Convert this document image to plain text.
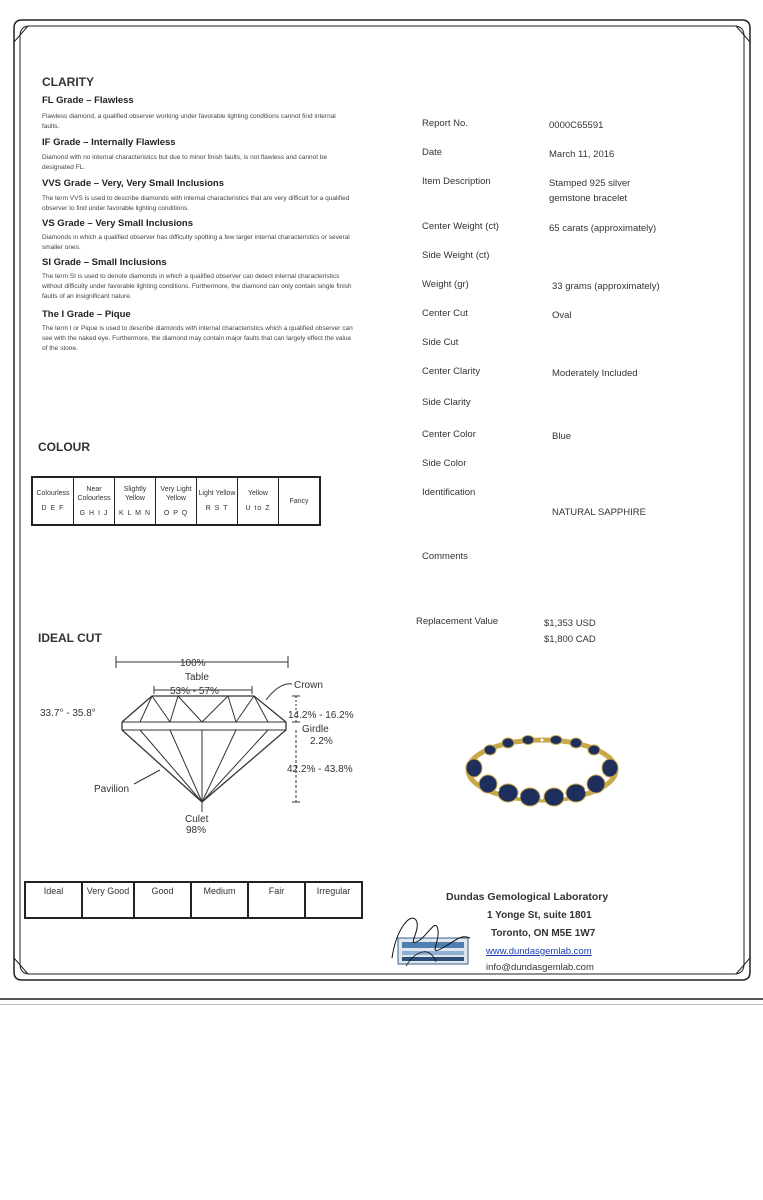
CLARITY
FL Grade – Flawless
Flawless diamond, a qualified observer working under favorable lighting conditions cannot find internal faults.
IF Grade – Internally Flawless
Diamond with no internal characteristics but due to minor finish faults, is not flawless and cannot be designated FL.
VVS Grade – Very, Very Small Inclusions
The term VVS is used to describe diamonds with internal characteristics that are very difficult for a qualified observer to find under favorable lighting conditions.
VS Grade – Very Small Inclusions
Diamonds in which a qualified observer has difficulty spotting a few larger internal characteristics or several smaller ones.
SI Grade – Small Inclusions
The term SI is used to denote diamonds in which a qualified observer can detect internal characteristics without difficulty under favorable lighting conditions. Furthermore, the diamond can only contain single finish faults of an insignificant nature.
The I Grade – Pique
The term I or Pique is used to describe diamonds with internal characteristics which a qualified observer can see with the naked eye. Furthermore, the diamond may contain major faults that can largely effect the value of the stone.
COLOUR
Colourless
D E F
	Near Colourless
G H I J
	Slightly Yellow
K L M N
	Very Light Yellow
O P Q
	Light Yellow
R S T
	Yellow
U to Z
	Fancy
IDEAL CUT
100%
Table
53% - 57%
Crown
33.7° - 35.8°	14.2% - 16.2%
Girdle
2.2%
42.2% - 43.8%
Pavilion
Culet
98%
Ideal	Very Good	Good	Medium	Fair	Irregular
Report No.	0000C65591
Date	March 11, 2016
Item Description	Stamped 925 silver gemstone bracelet
Center Weight (ct)	65 carats (approximately)
Side Weight (ct)
Weight (gr)	33 grams (approximately)
Center Cut	Oval
Side Cut
Center Clarity	Moderately Included
Side Clarity
Center Color	Blue
Side Color
Identification
NATURAL SAPPHIRE
Comments
Replacement Value	$1,353 USD
$1,800 CAD
Dundas Gemological Laboratory
1 Yonge St, suite 1801
Toronto, ON M5E 1W7
www.dundasgemlab.com
info@dundasgemlab.com
